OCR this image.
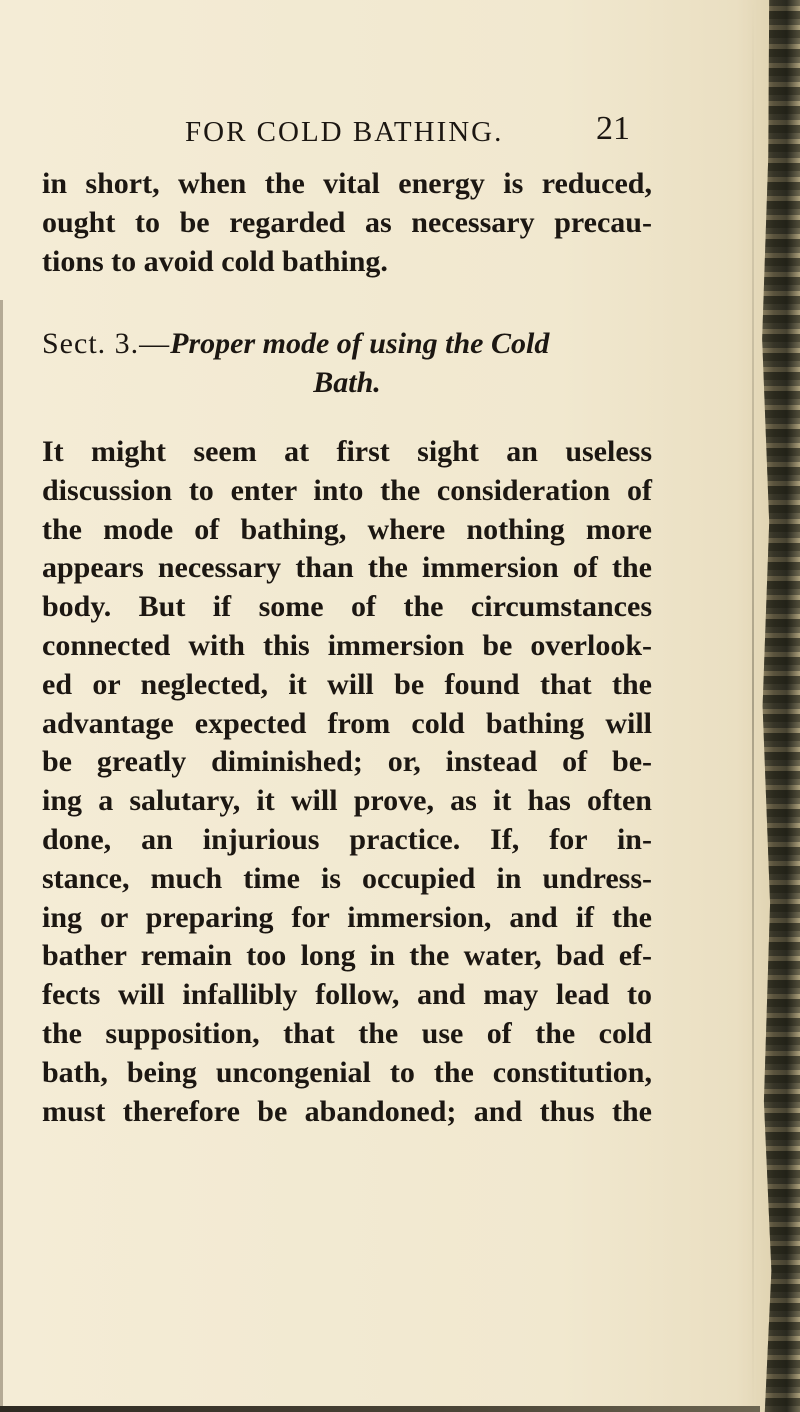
FOR COLD BATHING.	21

in short, when the vital energy is reduced,
ought to be regarded as necessary precau-
tions to avoid cold bathing.

Sect. 3.—Proper mode of using the Cold
Bath.

It might seem at first sight an useless
discussion to enter into the consideration of
the mode of bathing, where nothing more
appears necessary than the immersion of the
body. But if some of the circumstances
connected with this immersion be overlook-
ed or neglected, it will be found that the
advantage expected from cold bathing will
be greatly diminished; or, instead of be-
ing a salutary, it will prove, as it has often
done, an injurious practice. If, for in-
stance, much time is occupied in undress-
ing or preparing for immersion, and if the
bather remain too long in the water, bad ef-
fects will infallibly follow, and may lead to
the supposition, that the use of the cold
bath, being uncongenial to the constitution,
must therefore be abandoned; and thus the
